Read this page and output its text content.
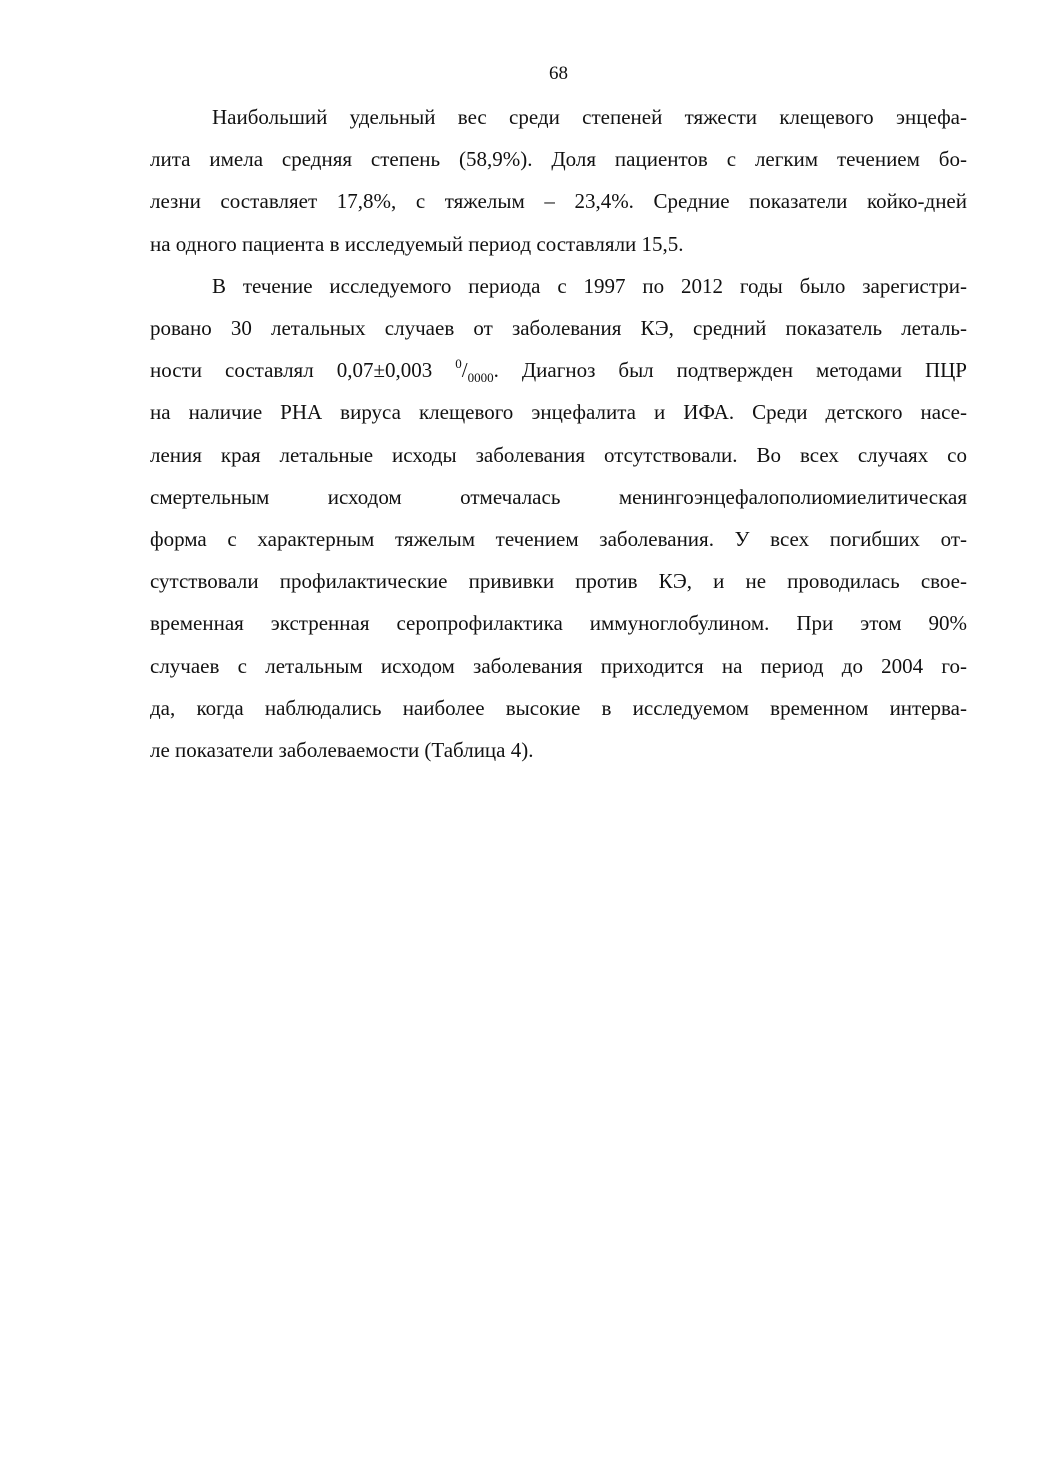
68

Наибольший удельный вес среди степеней тяжести клещевого энцефа-
лита имела средняя степень (58,9%). Доля пациентов с легким течением бо-
лезни составляет 17,8%, с тяжелым – 23,4%. Средние показатели койко-дней
на одного пациента в исследуемый период составляли 15,5.

В течение исследуемого периода с 1997 по 2012 годы было зарегистри-
ровано 30 летальных случаев от заболевания КЭ, средний показатель леталь-
ности составлял 0,07±0,003 $^0/_{0000}$. Диагноз был подтвержден методами ПЦР
на наличие РНА вируса клещевого энцефалита и ИФА. Среди детского насе-
ления края летальные исходы заболевания отсутствовали. Во всех случаях со
смертельным исходом отмечалась менингоэнцефалополиомиелитическая
форма с характерным тяжелым течением заболевания. У всех погибших от-
сутствовали профилактические прививки против КЭ, и не проводилась свое-
временная экстренная серопрофилактика иммуноглобулином. При этом 90%
случаев с летальным исходом заболевания приходится на период до 2004 го-
да, когда наблюдались наиболее высокие в исследуемом временном интерва-
ле показатели заболеваемости (Таблица 4).
